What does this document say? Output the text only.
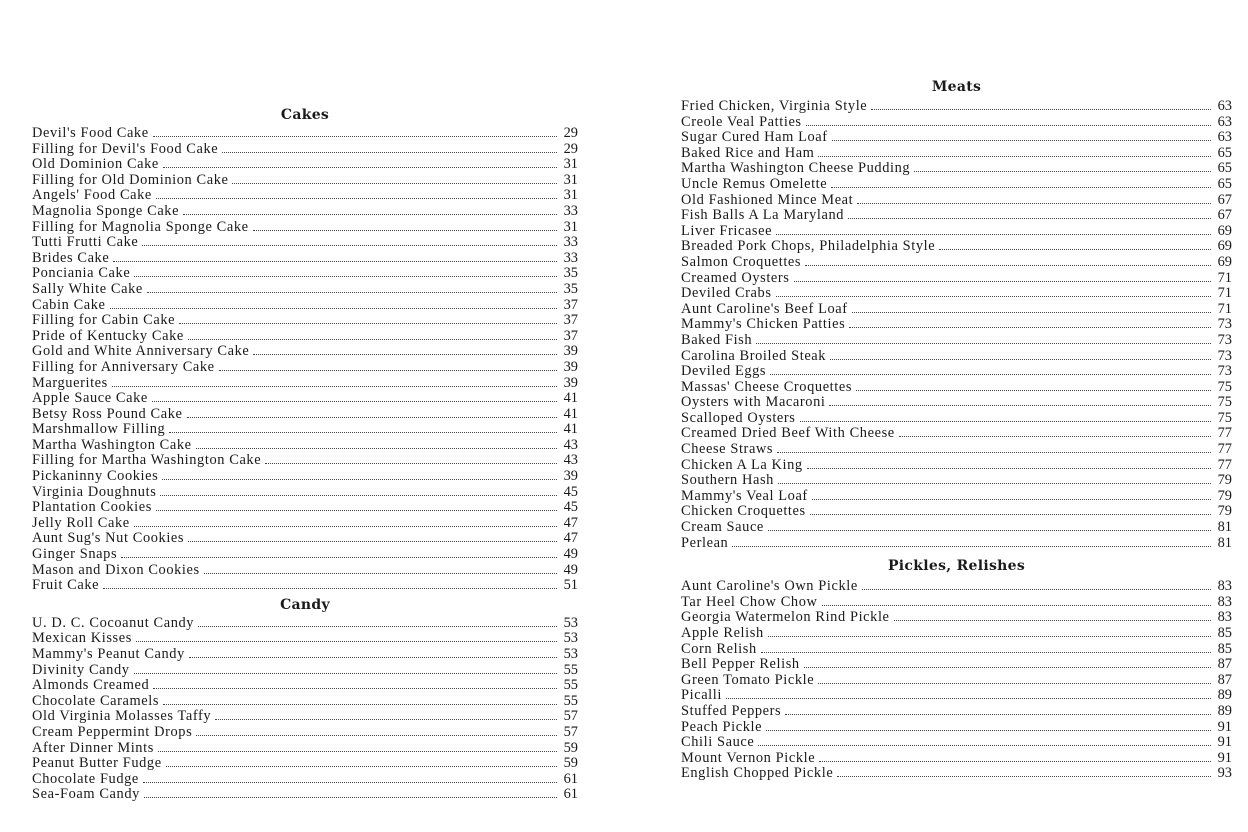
Cakes
Devil's Food Cake	29
Filling for Devil's Food Cake	29
Old Dominion Cake	31
Filling for Old Dominion Cake	31
Angels' Food Cake	31
Magnolia Sponge Cake	33
Filling for Magnolia Sponge Cake	31
Tutti Frutti Cake	33
Brides Cake	33
Ponciania Cake	35
Sally White Cake	35
Cabin Cake	37
Filling for Cabin Cake	37
Pride of Kentucky Cake	37
Gold and White Anniversary Cake	39
Filling for Anniversary Cake	39
Marguerites	39
Apple Sauce Cake	41
Betsy Ross Pound Cake	41
Marshmallow Filling	41
Martha Washington Cake	43
Filling for Martha Washington Cake	43
Pickaninny Cookies	39
Virginia Doughnuts	45
Plantation Cookies	45
Jelly Roll Cake	47
Aunt Sug's Nut Cookies	47
Ginger Snaps	49
Mason and Dixon Cookies	49
Fruit Cake	51
Candy
U. D. C. Cocoanut Candy	53
Mexican Kisses	53
Mammy's Peanut Candy	53
Divinity Candy	55
Almonds Creamed	55
Chocolate Caramels	55
Old Virginia Molasses Taffy	57
Cream Peppermint Drops	57
After Dinner Mints	59
Peanut Butter Fudge	59
Chocolate Fudge	61
Sea-Foam Candy	61
Meats
Fried Chicken, Virginia Style	63
Creole Veal Patties	63
Sugar Cured Ham Loaf	63
Baked Rice and Ham	65
Martha Washington Cheese Pudding	65
Uncle Remus Omelette	65
Old Fashioned Mince Meat	67
Fish Balls A La Maryland	67
Liver Fricasee	69
Breaded Pork Chops, Philadelphia Style	69
Salmon Croquettes	69
Creamed Oysters	71
Deviled Crabs	71
Aunt Caroline's Beef Loaf	71
Mammy's Chicken Patties	73
Baked Fish	73
Carolina Broiled Steak	73
Deviled Eggs	73
Massas' Cheese Croquettes	75
Oysters with Macaroni	75
Scalloped Oysters	75
Creamed Dried Beef With Cheese	77
Cheese Straws	77
Chicken A La King	77
Southern Hash	79
Mammy's Veal Loaf	79
Chicken Croquettes	79
Cream Sauce	81
Perlean	81
Pickles, Relishes
Aunt Caroline's Own Pickle	83
Tar Heel Chow Chow	83
Georgia Watermelon Rind Pickle	83
Apple Relish	85
Corn Relish	85
Bell Pepper Relish	87
Green Tomato Pickle	87
Picalli	89
Stuffed Peppers	89
Peach Pickle	91
Chili Sauce	91
Mount Vernon Pickle	91
English Chopped Pickle	93
